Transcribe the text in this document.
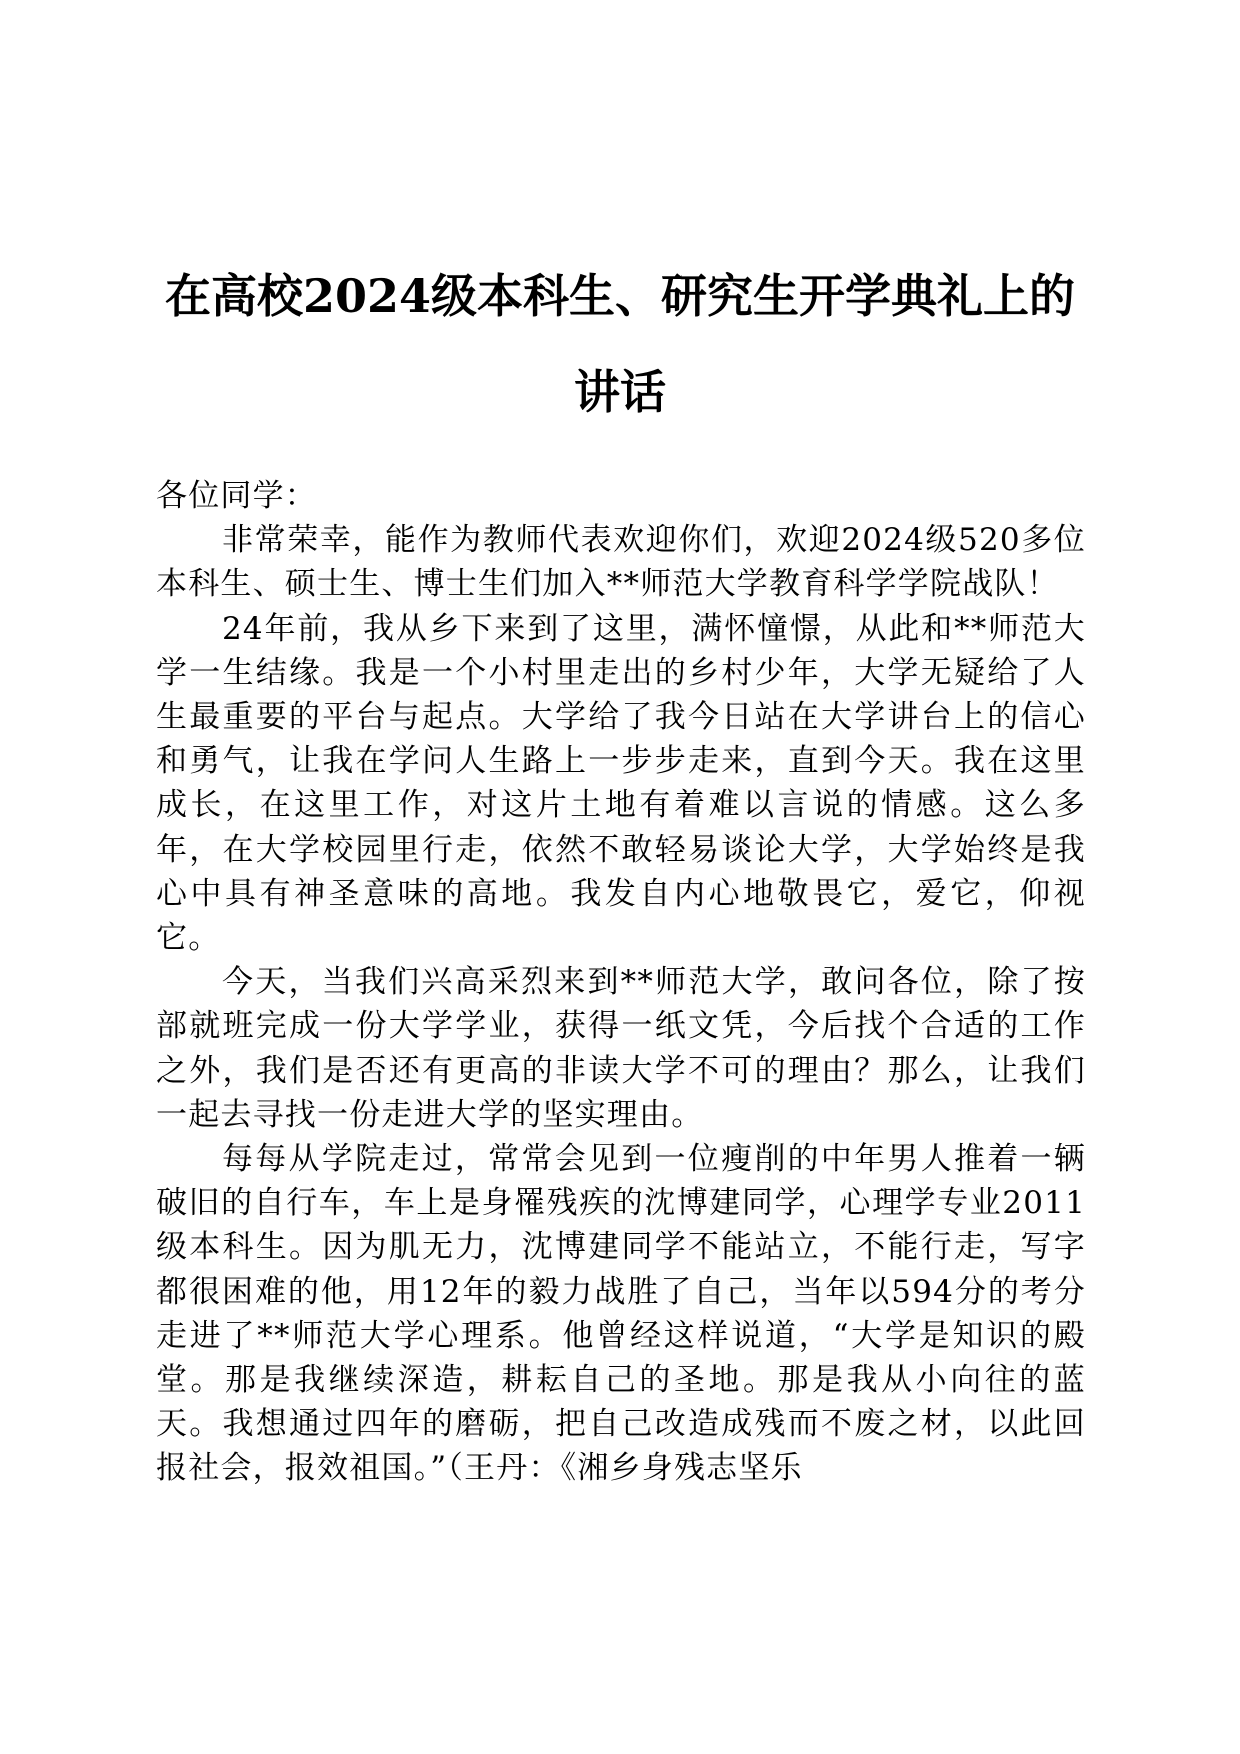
在高校2024级本科生、研究生开学典礼上的讲话

各位同学：

非常荣幸，能作为教师代表欢迎你们，欢迎2024级520多位本科生、硕士生、博士生们加入**师范大学教育科学学院战队！

24年前，我从乡下来到了这里，满怀憧憬，从此和**师范大学一生结缘。我是一个小村里走出的乡村少年，大学无疑给了人生最重要的平台与起点。大学给了我今日站在大学讲台上的信心和勇气，让我在学问人生路上一步步走来，直到今天。我在这里成长，在这里工作，对这片土地有着难以言说的情感。这么多年，在大学校园里行走，依然不敢轻易谈论大学，大学始终是我心中具有神圣意味的高地。我发自内心地敬畏它，爱它，仰视它。

今天，当我们兴高采烈来到**师范大学，敢问各位，除了按部就班完成一份大学学业，获得一纸文凭，今后找个合适的工作之外，我们是否还有更高的非读大学不可的理由？那么，让我们一起去寻找一份走进大学的坚实理由。

每每从学院走过，常常会见到一位瘦削的中年男人推着一辆破旧的自行车，车上是身罹残疾的沈博建同学，心理学专业2011级本科生。因为肌无力，沈博建同学不能站立，不能行走，写字都很困难的他，用12年的毅力战胜了自己，当年以594分的考分走进了**师范大学心理系。他曾经这样说道，“大学是知识的殿堂。那是我继续深造，耕耘自己的圣地。那是我从小向往的蓝天。我想通过四年的磨砺，把自己改造成残而不废之材，以此回报社会，报效祖国。”（王丹：《湘乡身残志坚乐
